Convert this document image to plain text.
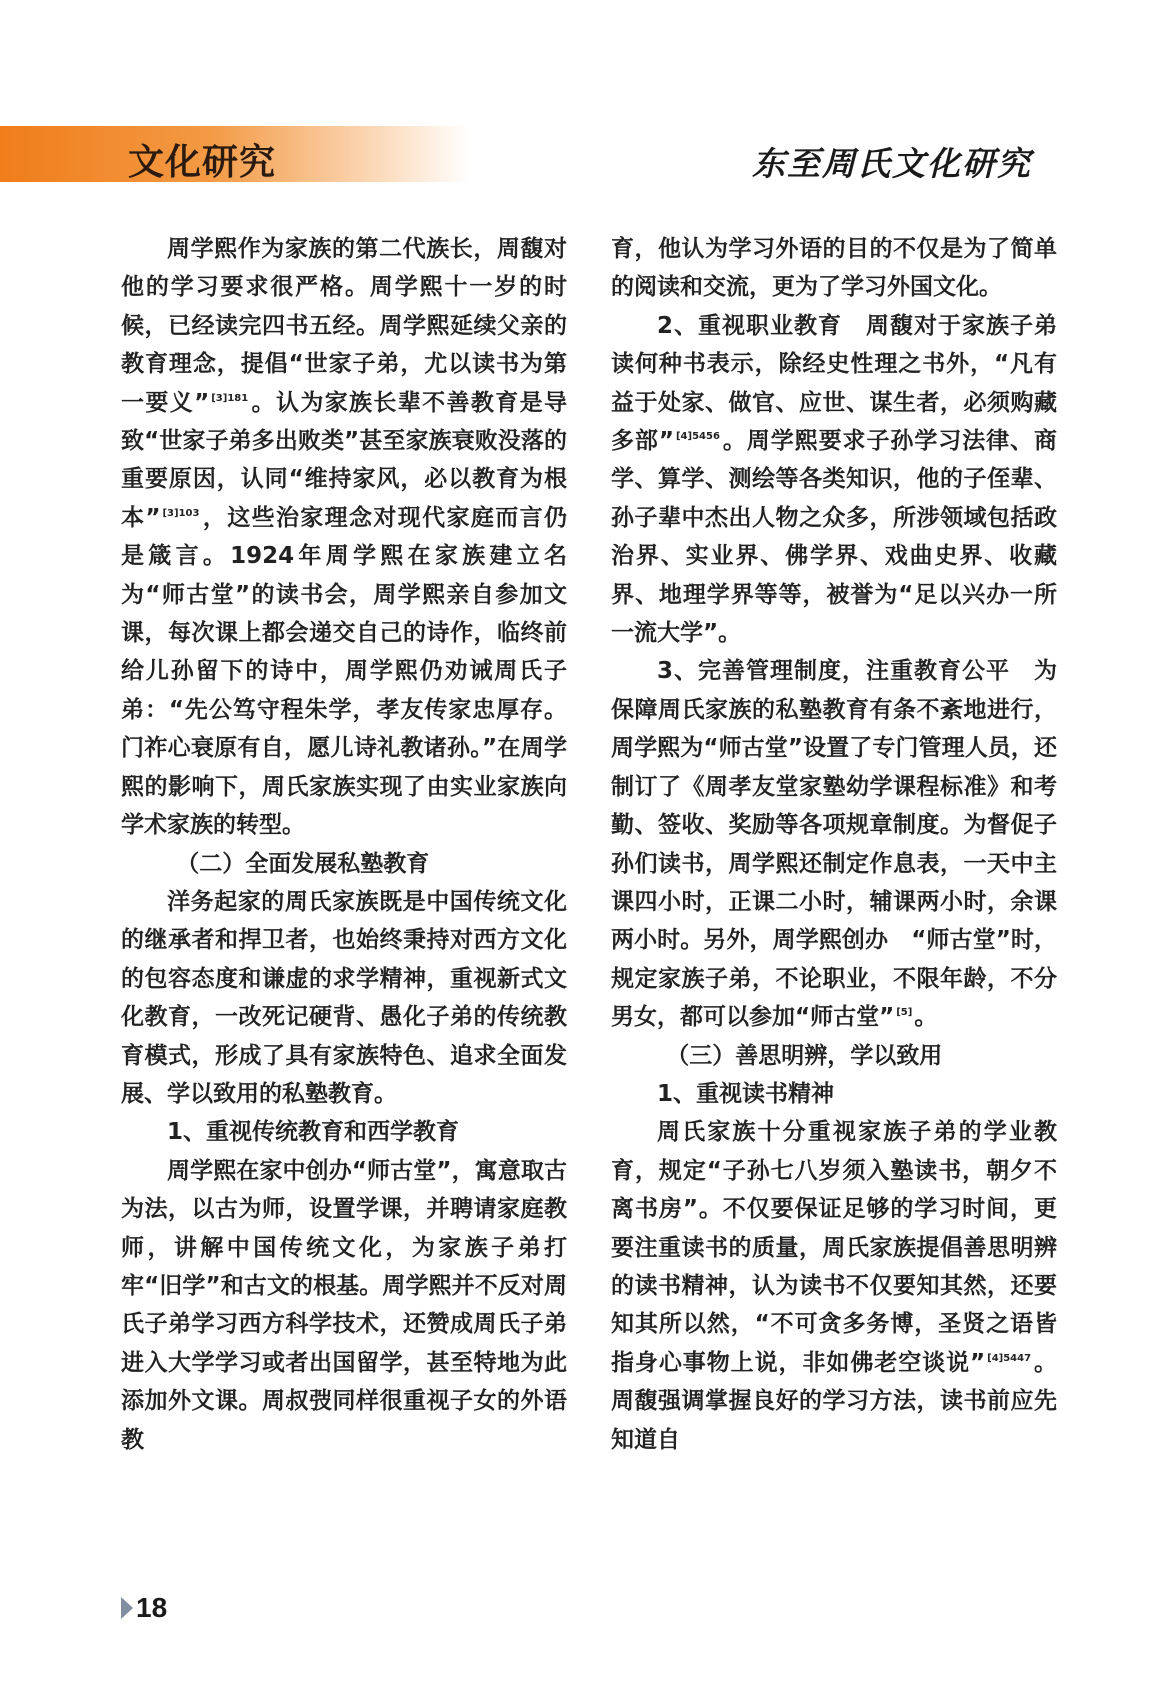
文化研究	东至周氏文化研究

周学熙作为家族的第二代族长，周馥对他的学习要求很严格。周学熙十一岁的时候，已经读完四书五经。周学熙延续父亲的教育理念，提倡“世家子弟，尤以读书为第一要义” $^{[3]181}$。认为家族长辈不善教育是导致“世家子弟多出败类”甚至家族衰败没落的重要原因，认同“维持家风，必以教育为根本” $^{[3]103}$，这些治家理念对现代家庭而言仍是箴言。1924年周学熙在家族建立名为“师古堂”的读书会，周学熙亲自参加文课，每次课上都会递交自己的诗作，临终前给儿孙留下的诗中，周学熙仍劝诫周氏子弟：“先公笃守程朱学，孝友传家忠厚存。门祚心衰原有自，愿儿诗礼教诸孙。”在周学熙的影响下，周氏家族实现了由实业家族向学术家族的转型。

（二）全面发展私塾教育

洋务起家的周氏家族既是中国传统文化的继承者和捍卫者，也始终秉持对西方文化的包容态度和谦虚的求学精神，重视新式文化教育，一改死记硬背、愚化子弟的传统教育模式，形成了具有家族特色、追求全面发展、学以致用的私塾教育。

1、重视传统教育和西学教育

周学熙在家中创办“师古堂”，寓意取古为法，以古为师，设置学课，并聘请家庭教师，讲解中国传统文化，为家族子弟打牢“旧学”和古文的根基。周学熙并不反对周氏子弟学习西方科学技术，还赞成周氏子弟进入大学学习或者出国留学，甚至特地为此添加外文课。周叔弢同样很重视子女的外语教

育，他认为学习外语的目的不仅是为了简单的阅读和交流，更为了学习外国文化。

2、重视职业教育　周馥对于家族子弟读何种书表示，除经史性理之书外，“凡有益于处家、做官、应世、谋生者，必须购藏多部” $^{[4]5456}$。周学熙要求子孙学习法律、商学、算学、测绘等各类知识，他的子侄辈、孙子辈中杰出人物之众多，所涉领域包括政治界、实业界、佛学界、戏曲史界、收藏界、地理学界等等，被誉为“足以兴办一所一流大学”。

3、完善管理制度，注重教育公平　为保障周氏家族的私塾教育有条不紊地进行，周学熙为“师古堂”设置了专门管理人员，还制订了《周孝友堂家塾幼学课程标准》和考勤、签收、奖励等各项规章制度。为督促子孙们读书，周学熙还制定作息表，一天中主课四小时，正课二小时，辅课两小时，余课两小时。另外，周学熙创办　“师古堂”时，规定家族子弟，不论职业，不限年龄，不分男女，都可以参加“师古堂” [5]。

（三）善思明辨，学以致用
1、重视读书精神

周氏家族十分重视家族子弟的学业教育，规定“子孙七八岁须入塾读书，朝夕不离书房”。不仅要保证足够的学习时间，更要注重读书的质量，周氏家族提倡善思明辨的读书精神，认为读书不仅要知其然，还要知其所以然，“不可贪多务博，圣贤之语皆指身心事物上说，非如佛老空谈说” $^{[4]5447}$。周馥强调掌握良好的学习方法，读书前应先知道自

18
